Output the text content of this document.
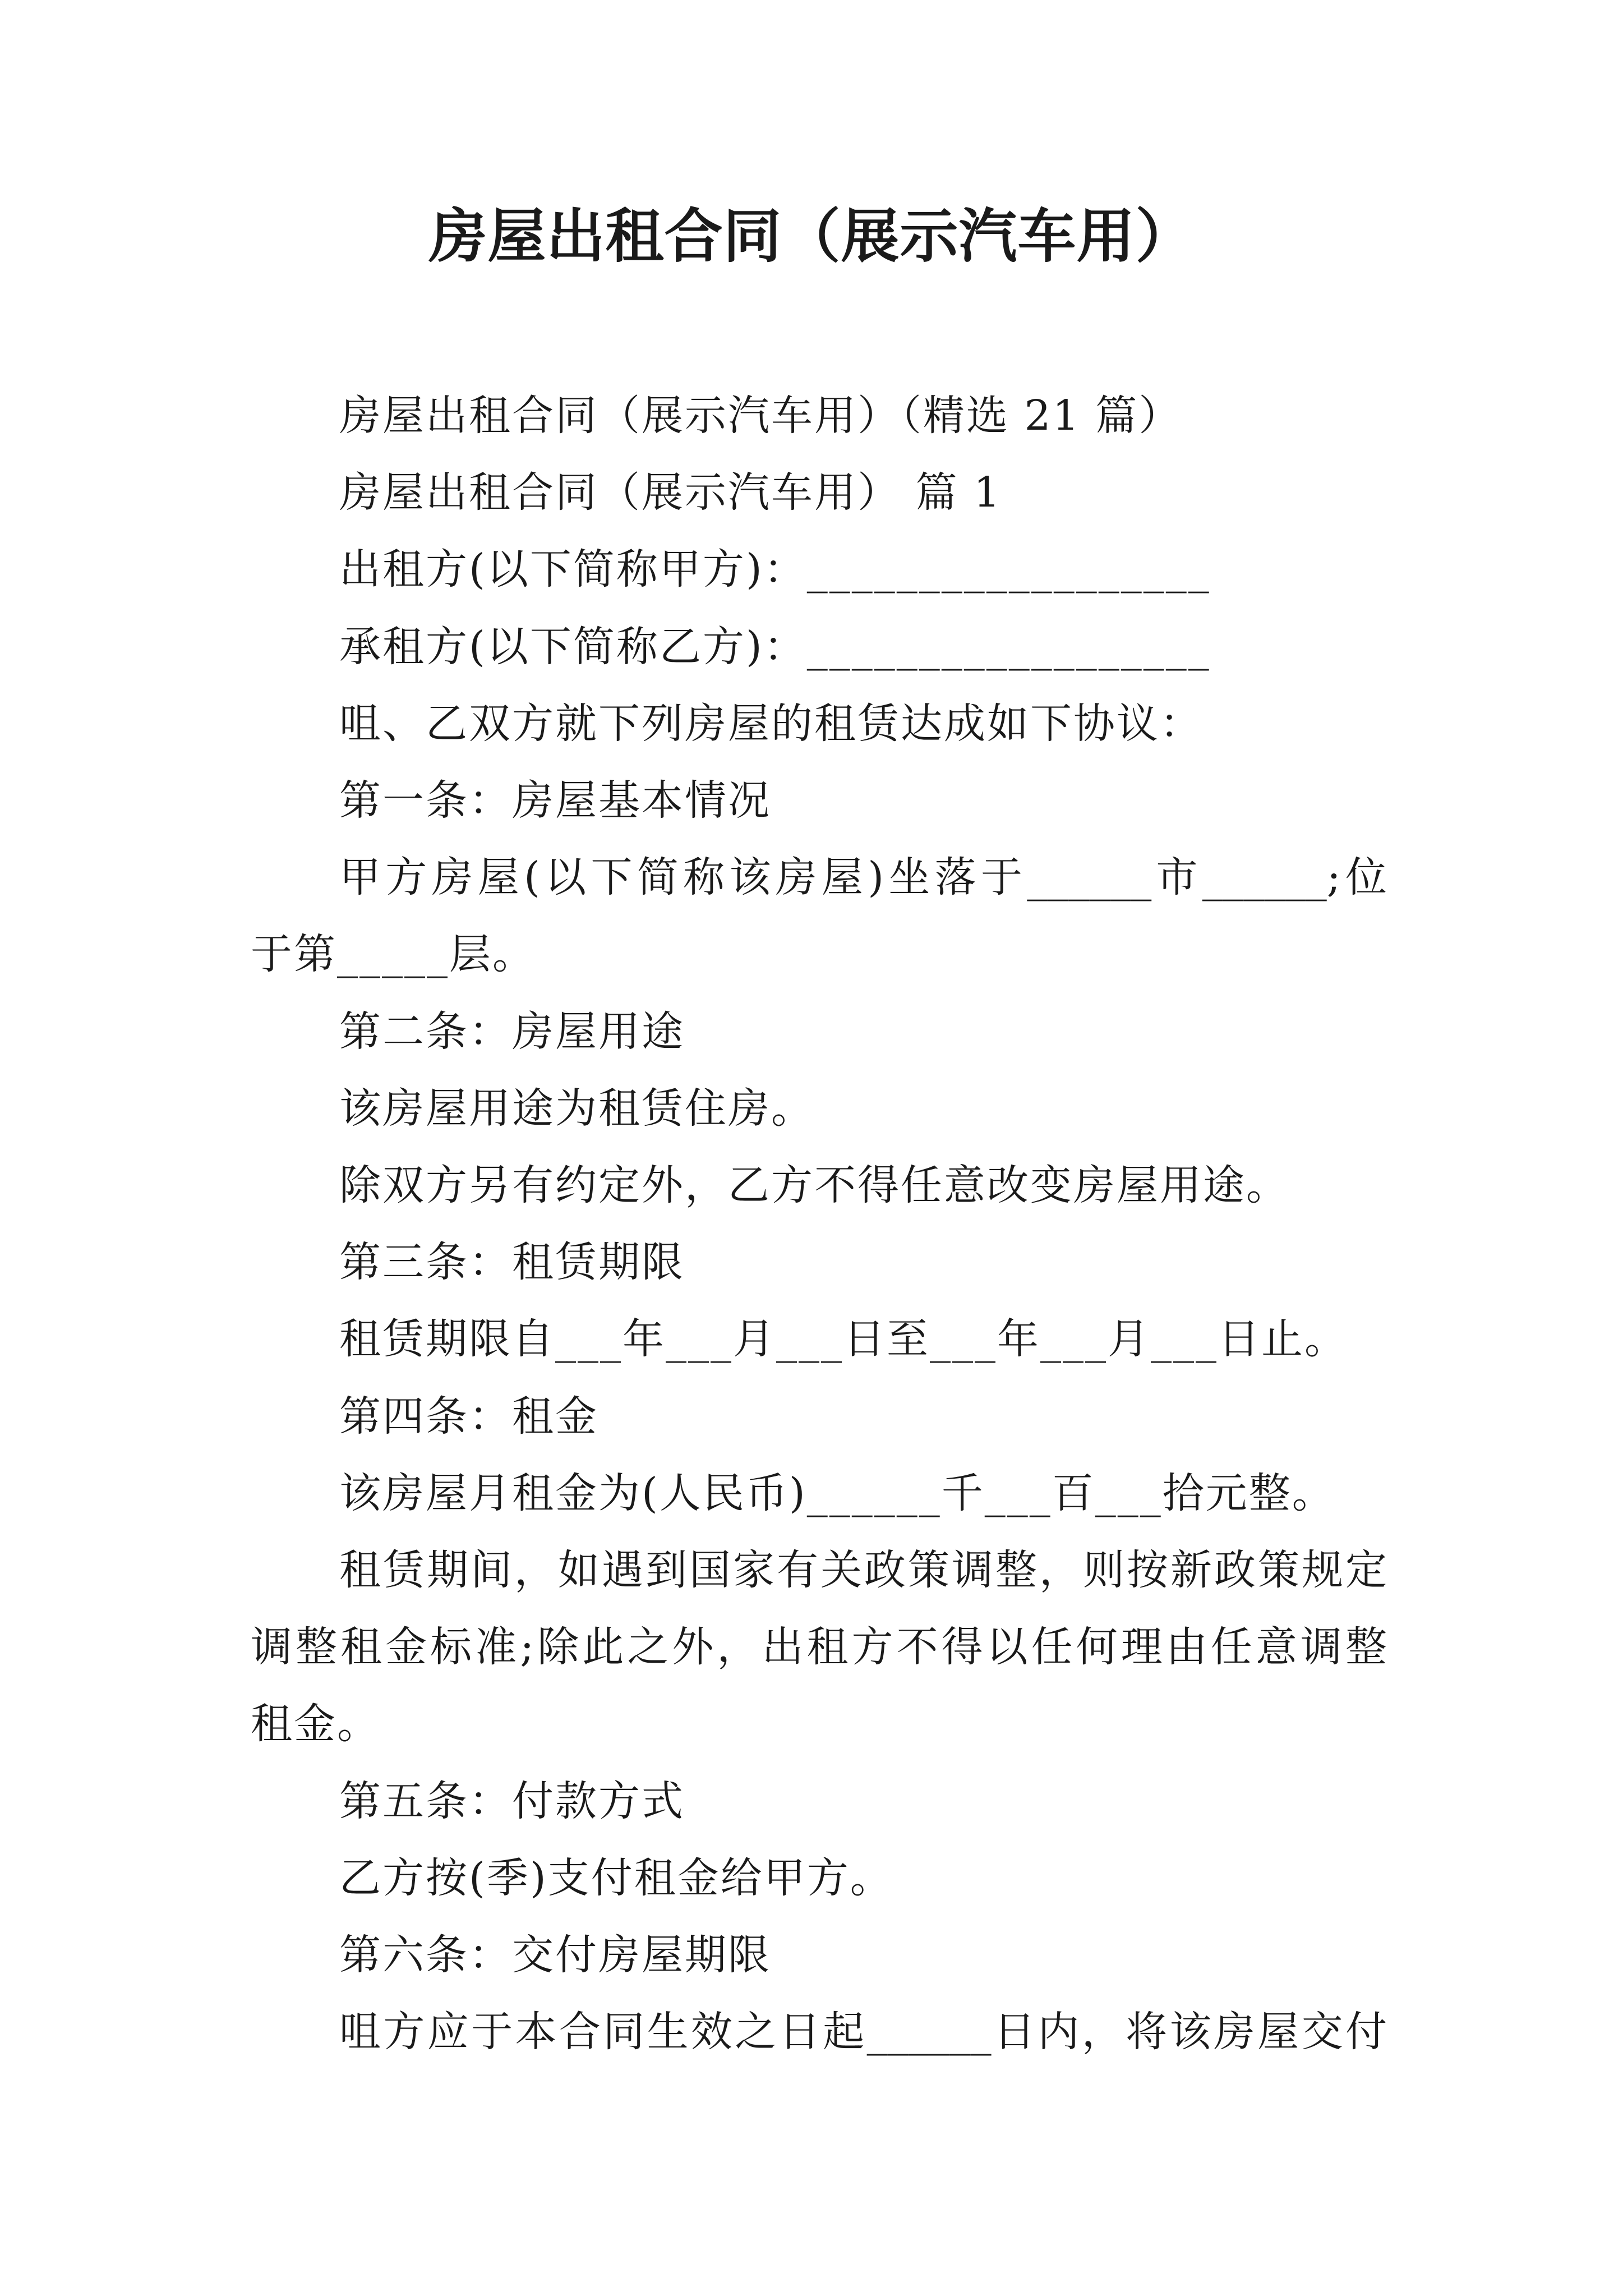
房屋出租合同（展示汽车用）
房屋出租合同（展示汽车用）（精选 21 篇）
房屋出租合同（展示汽车用） 篇 1
出租方(以下简称甲方)：__________________
承租方(以下简称乙方)：__________________
咀、乙双方就下列房屋的租赁达成如下协议：
第一条：房屋基本情况
甲方房屋(以下简称该房屋)坐落于______市______;位
于第_____层。
第二条：房屋用途
该房屋用途为租赁住房。
除双方另有约定外，乙方不得任意改变房屋用途。
第三条：租赁期限
租赁期限自___年___月___日至___年___月___日止。
第四条：租金
该房屋月租金为(人民币)______千___百___拾元整。
租赁期间，如遇到国家有关政策调整，则按新政策规定
调整租金标准;除此之外，出租方不得以任何理由任意调整
租金。
第五条：付款方式
乙方按(季)支付租金给甲方。
第六条：交付房屋期限
咀方应于本合同生效之日起______日内，将该房屋交付
